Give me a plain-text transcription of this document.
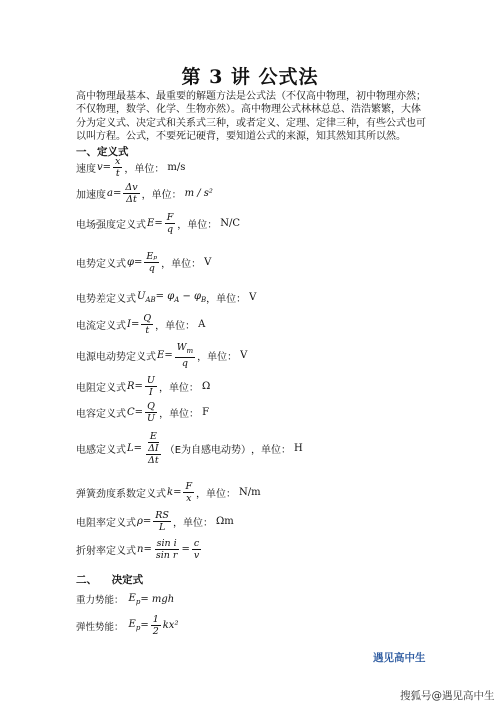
第 3 讲 公式法

高中物理最基本、最重要的解题方法是公式法（不仅高中物理，初中物理亦然；

不仅物理，数学、化学、生物亦然）。高中物理公式林林总总、浩浩繁繁，大体

分为定义式、决定式和关系式三种，或者定义、定理、定律三种，有些公式也可

以叫方程。公式，不要死记硬背，要知道公式的来源，知其然知其所以然。

一、定义式
速度 $v = \frac{x}{t}$ ， 单位： m/s
加速度 $a = \frac{\Delta v}{\Delta t}$ ， 单位： m / s²
电场强度定义式 $E = \frac{F}{q}$ ， 单位： N/C
电势定义式 $\varphi = \frac{\text{Eₚ}}{q}$ ， 单位： V
电势差定义式 $U_{AB} = \varphi_A - \varphi_B$ ， 单位： V
电流定义式 $I = \frac{Q}{t}$ ， 单位： A
电源电动势定义式 $E = \frac{W_m}{q}$ ， 单位： V
电阻定义式 $R = \frac{U}{I}$ ， 单位： Ω
电容定义式 $C = \frac{Q}{U}$ ， 单位： F
电感定义式 $L = \frac{E}{\frac{\Delta I}{\Delta t}} (E$为自感电动势） ， 单位： H
弹簧劲度系数定义式 $k = \frac{F}{x}$ ， 单位： N/m
电阻率定义式 $\rho = \frac{RS}{L}$ ， 单位： Ωm
折射率定义式 $n = \frac{\text{sin i}}{\text{sin r}} = \frac{c}{v}$
二、    决定式
重力势能： $E_p$ = mgh
弹性势能： $E_p = \frac{1}{2} kx^2$
遇见高中生
搜狐号@遇见高中生
